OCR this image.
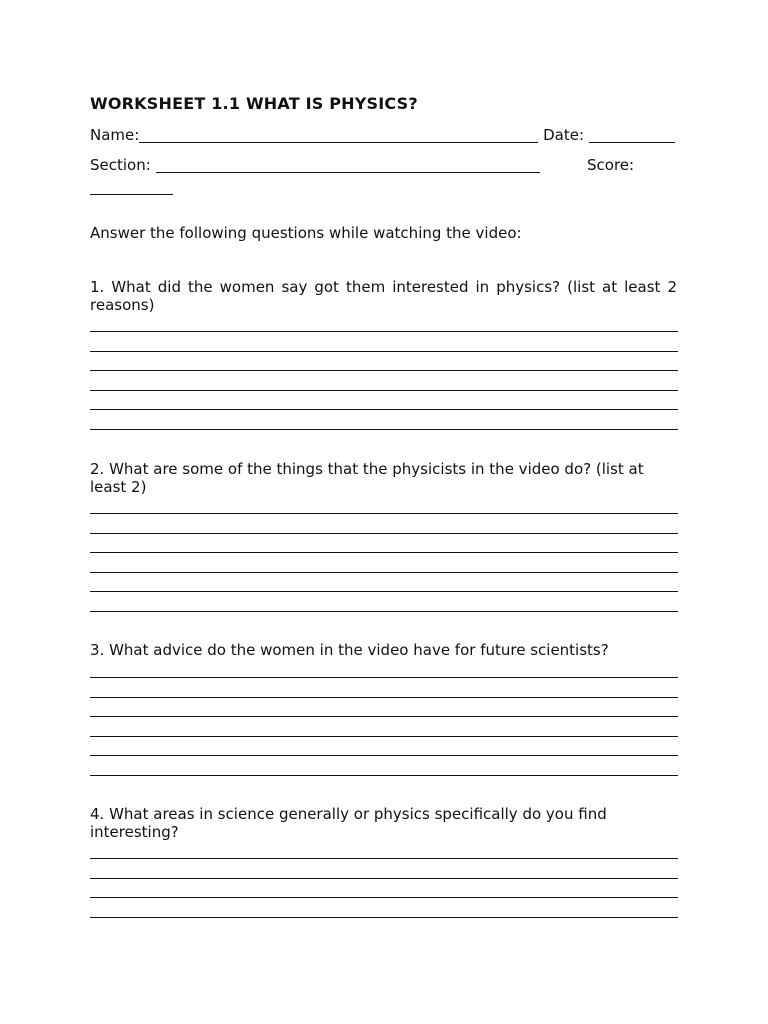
WORKSHEET 1.1 WHAT IS PHYSICS?
Name:	Date:
Section:	Score:
Answer the following questions while watching the video:
1. What did the women say got them interested in physics? (list at least 2 reasons)
2. What are some of the things that the physicists in the video do? (list at least 2)
3. What advice do the women in the video have for future scientists?
4. What areas in science generally or physics specifically do you find interesting?
